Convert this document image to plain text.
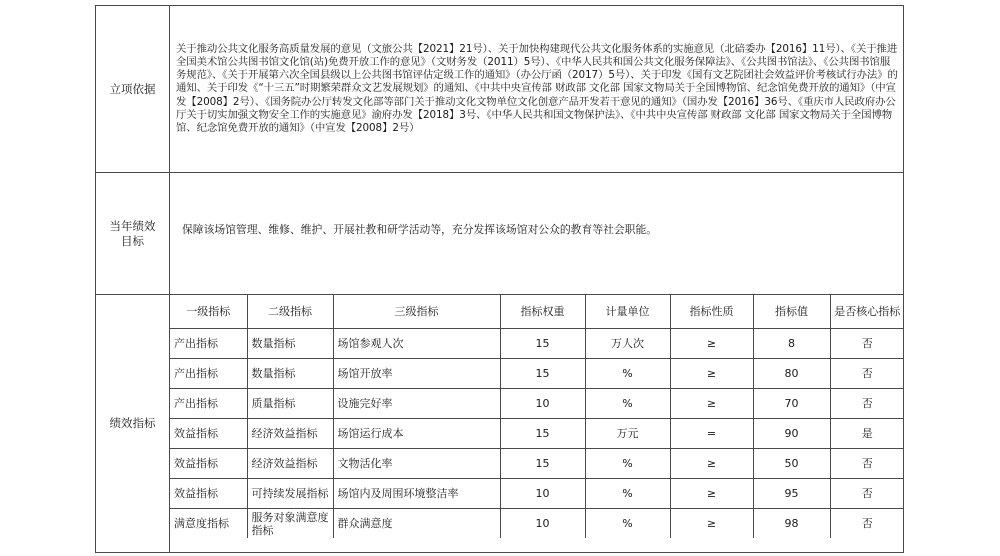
立项依据	关于推动公共文化服务高质量发展的意见（文旅公共【2021】21号）、关于加快构建现代公共文化服务体系的实施意见（北碚委办【2016】11号）、《关于推进全国美术馆公共图书馆文化馆(站)免费开放工作的意见》（文财务发（2011）5号）、《中华人民共和国公共文化服务保障法》、《公共图书馆法》、《公共图书馆服务规范》、《关于开展第六次全国县级以上公共图书馆评估定级工作的通知》（办公厅函（2017）5号）、关于印发《国有文艺院团社会效益评价考核试行办法》的通知、关于印发《“十三五”时期繁荣群众文艺发展规划》的通知、《中共中央宣传部 财政部 文化部 国家文物局关于全国博物馆、纪念馆免费开放的通知》（中宣发【2008】2号）、《国务院办公厅转发文化部等部门关于推动文化文物单位文化创意产品开发若干意见的通知》（国办发【2016】36号、《重庆市人民政府办公厅关于切实加强文物安全工作的实施意见》渝府办发【2018】3号、《中华人民共和国文物保护法》、《中共中央宣传部 财政部 文化部 国家文物局关于全国博物馆、纪念馆免费开放的通知》（中宣发【2008】2号）
当年绩效目标	保障该场馆管理、维修、维护、开展社教和研学活动等，充分发挥该场馆对公众的教育等社会职能。
绩效指标	
一级指标	二级指标	三级指标	指标权重	计量单位	指标性质	指标值	是否核心指标
产出指标	数量指标	场馆参观人次	15	万人次	≥	8	否
产出指标	数量指标	场馆开放率	15	%	≥	80	否
产出指标	质量指标	设施完好率	10	%	≥	70	否
效益指标	经济效益指标	场馆运行成本	15	万元	=	90	是
效益指标	经济效益指标	文物活化率	15	%	≥	50	否
效益指标	可持续发展指标	场馆内及周围环境整洁率	10	%	≥	95	否
满意度指标	服务对象满意度指标	群众满意度	10	%	≥	98	否
